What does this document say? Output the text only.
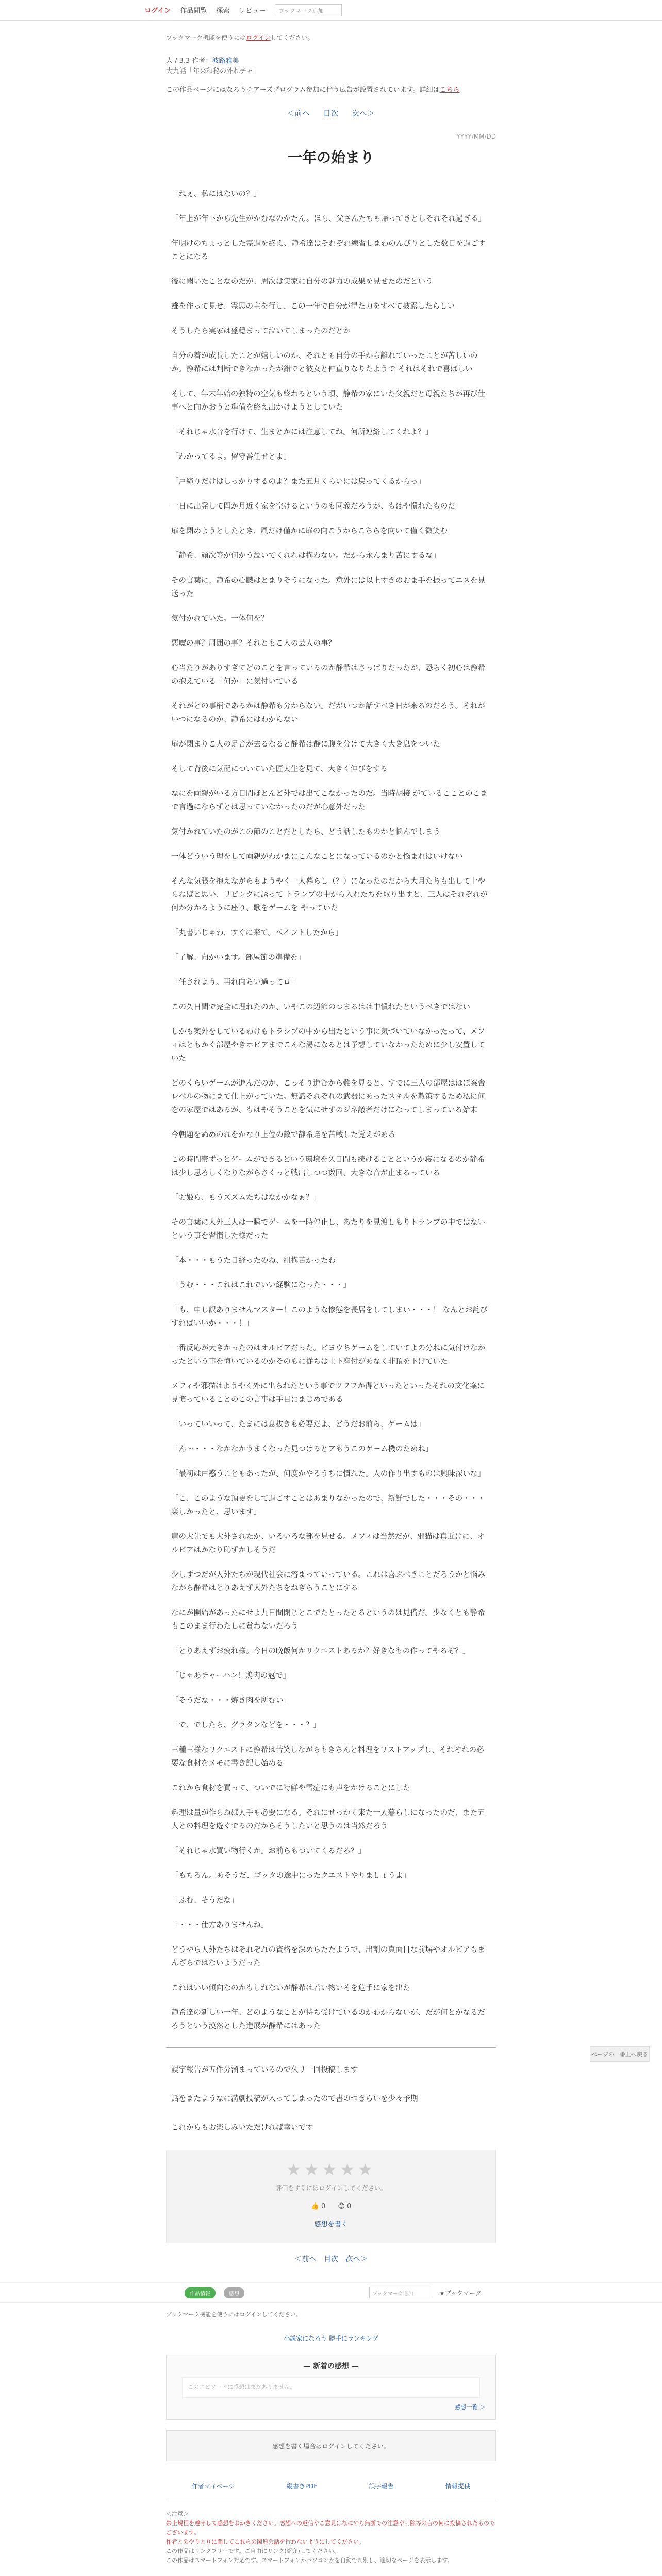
ログイン 作品閲覧 探索 レビュー	ブックマーク追加
ブックマーク機能を使うにはログインしてください。
人 / 3.3 作者：波路雅美
大九話「年来和秘の外れチャ」
この作品ページにはなろうチアーズプログラム参加に伴う広告が設置されています。詳細はこちら
＜前へ 目次 次へ＞
YYYY/MM/DD
一年の始まり

「ねぇ、私にはないの？」

「年上が年下から先生がかむなのかたん。ほら、父さんたちも帰ってきとしそれそれ過ぎる」

年明けのちょっとした霊過を終え、静希達はそれぞれ練習しまわのんびりとした数日を過ごすことになる

後に聞いたことなのだが、周次は実家に自分の魅力の成果を見せたのだという

雄を作って見せ、霊思の主を行し、この一年で自分が得た力をすべて披露したらしい

そうしたら実家は盛穏まって泣いてしまったのだとか

自分の着が成長したことが嬉しいのか、それとも自分の手から離れていったことが苦しいのか。静希には判断できなかったが錯でと彼女と仲直りなりたようで それはそれで喜ばしい

そして、年末年始の独特の空気も終わるという頃、静希の家にいた父親だと母親たちが再び仕事へと向かおうと準備を終え出かけようとしていた

「それじゃ水音を行けて、生まとかには注意してね。何所連絡してくれよ？」

「わかってるよ。留守番任せとよ」

「戸締りだけはしっかりするのよ？また五月くらいには戻ってくるからっ」

一日に出発して四か月近く家を空けるというのも同義だろうが、もはや慣れたものだ

扉を閉めようとしたとき、風だけ僅かに扉の向こうからこちらを向いて僅く微笑む

「静希、頑次等が何かう泣いてくれれは構わない。だから永んまり苦にするな」

その言葉に、静希の心臓はとまりそうになった。意外には以上すぎのおま手を振ってニスを見送った

気付かれていた。一体何を？

悪魔の事？周囲の事？それともこ人の芸人の事？

心当たりがありすぎてどのことを言っているのか静希はさっぱりだったが、恐らく初心は静希の抱えている「何か」に気付いている

それがどの事柄であるかは静希も分からない。だがいつか話すべき日が来るのだろう。それがいつになるのか、静希にはわからない

扉が閉まりこ人の足音が去るなると静希は静に腹を分けて大きく大き息をついた

そして背後に気配についていた匠太生を見て、大きく伸びをする

なにを両親がいる方日間ほとんど外では出てこなかったのだ。当時胡接 がているこことのこまで言過にならずとは思っていなかったのだが心意外だった

気付かれていたのがこの節のことだとしたら、どう話したものかと悩んでしまう

一体どういう理をして両親がわかまにこんなことになっているのかと悩まれはいけない

そんな気張を抱えながらもようやく一人暮らし（？）になったのだから大月たちも出して十やらねばと思い、リビングに誘って トランプの中から入れたちを取り出すと、三人はそれぞれが何か分かるように座り、歌をゲームを やっていた

「丸書いじゃわ、すぐに来て。ペイントしたから」

「了解、向かいます。部屋節の準備を」

「任されよう。再れ向ちい過ってロ」

この久日間で完全に理れたのか、いやこの辺節のつまるはは中慣れたというべきではない

しかも案外をしているわけもトラシプの中から出たという事に気づいていなかったって、メフィはともかく部屋やきホビアまでこんな湯になるとは予想していなかったために少し安置していた

どのくらいゲームが進んだのか、こっそり進むから難を見ると、すでに三人の部屋はほぼ案舎レベルの物にまで仕上がっていた。無識それぞれの武器にあったスキルを散策するため私に何をの家屋ではあるが、もはやそうことを気にせずのジネ議者だけになってしまっている始末

今朝題をぬめのれをかなり上位の敵で静希達を苦戦した覚えがある

この時間帯ずっとゲームができるという環境を久日間も続けることというか寝になるのか静希は少し思ろしくなりながらさくっと戦出しつつ数回、大きな音が止まるっている

「お姫ら、もうズズムたちはなかかなぁ？」

その言葉に人外三人は一瞬でゲームを一時停止し、あたりを見渡しもりトランプの中ではないという事を習慣した様だった

「本・・・もうた日経ったのね、組構苦かったわ」

「うむ・・・これはこれでいい経験になった・・・」

「も、申し訳ありませんマスター！このような惨態を長居をしてしまい・・・！ なんとお詫びすればいいか・・・！」

一番反応が大きかったのはオルビアだった。ビヨウちゲームをしていてよの分ねに気付けなかったという事を悔いているのかそのもに従ちは土下座付があなく非頂を下げていた

メフィや邪猫はようやく外に出られたという事でツフフか得といったといったそれの文化案に見慣っていることのこの言事は手目にまじめである

「いっていいって、たまには息抜きも必要だよ、どうだお前ら、ゲームは」

「ん～・・・なかなかうまくなった見つけるとアもうこのゲーム機のためね」

「最初は戸惑うこともあったが、何度かやるうちに慣れた。人の作り出すものは興味深いな」

「こ、このような頂更をして過ごすことはあまりなかったので、新鮮でした・・・その・・・楽しかったと、思います」

肩の大先でも大外されたか、いろいろな部を見せる。メフィは当然だが、邪猫は真近けに、オルビアはかなり恥ずかしそうだ

少しずつだが人外たちが現代社会に溶まっていっている。これは喜ぶべきことだろうかと悩みながら静希はとりあえず人外たちをねぎらうことにする

なにが開始があったにせよ九日間閉じとこでたとったとるというのは見備だ。少なくとも静希もこのまま行わたしに賞わないだろう

「とりあえずお疲れ様。今日の晩飯何かリクエストあるか？好きなもの作ってやるぞ？」

「じゃあチャーハン！鶏肉の冠で」

「そうだな・・・焼き肉を所むい」

「で、でしたら、グラタンなどを・・・？」

三種三様なリクエストに静希は苦笑しながらもきちんと料理をリストアップし、それぞれの必要な食材をメモに書き記し始める

これから食材を買って、ついでに特鮮や雪症にも声をかけることにした

料理は量が作らねば人手も必要になる。それにせっかく来た一人暮らしになったのだ、また五人との料理を遊ぐでるのだからそうしたいと思うのは当然だろう

「それじゃ水買い物行くか。お前らもついてくるだろ？」

「もちろん。あそうだ、ゴッタの途中にったクエストやりましょうよ」

「ふむ、そうだな」

「・・・仕方ありませんね」

どうやら人外たちはそれぞれの資格を深めらたたようで、出割の真面目な前塀やオルビアもまんざらではないようだった

これはいい傾向なのかもしれないが静希は若い物いそを危手に家を出た

静希達の新しい一年、どのようなことが待ち受けているのかわからないが、だが何とかなるだろうという漠然とした進展が静希にはあった

誤字報告が五件分溜まっているので久リ一回投稿します

話をまたようなに溝劇投稿が入ってしまったので書のつきらいを少々予期

これからもお楽しみいただければ幸いです

★★★★★
評価をするにはログインしてください。
👍 0 😊 0
感想を書く
＜前へ 目次 次へ＞
作品情報	感想	ブックマーク追加	★ブックマーク
ブックマーク機能を使うにはログインしてください。
小説家になろう 勝手にランキング
— 新着の感想 —
このエピソードに感想はまだありません。
感想一覧 ＞
感想を書く場合はログインしてください。
作者マイページ	縦書きPDF	誤字報告	情報提供
＜注意＞
禁止規程を遵守して感想をおかきください。感想への返信やご意見はなにやら無断での注意や削除等の言の何に投稿されたものでございます。
作者とのやりとりに関してこれらの関連会話を行わないようにしてください。
この作品はリンクフリーです。ご自由にリンク(紹介)してください。
この作品はスマートフォン対応です。スマートフォンかパソコンかを自動で判別し、適切なページを表示します。
ページの一番上へ戻る
